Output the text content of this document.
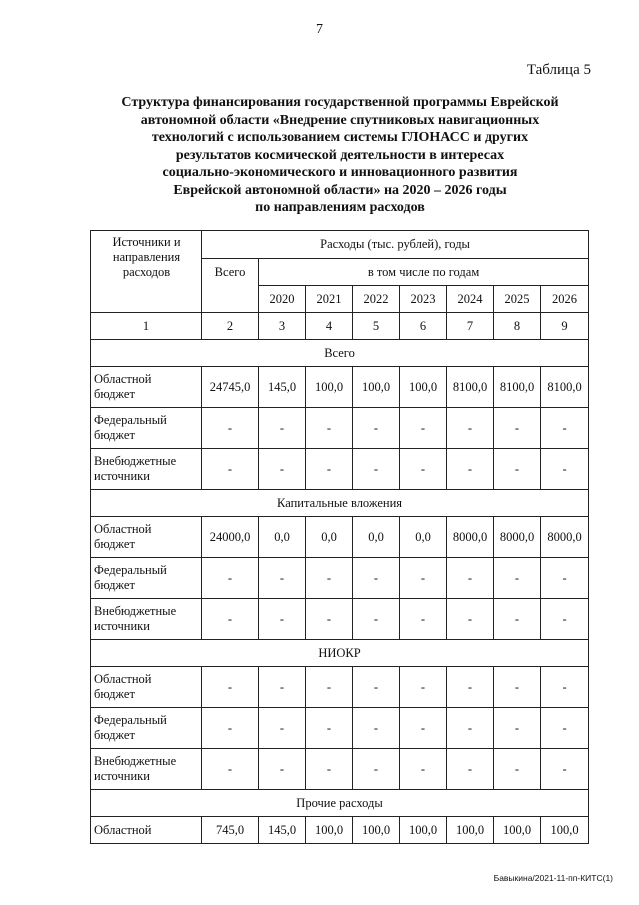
7
Таблица 5
Структура финансирования государственной программы Еврейской
автономной области «Внедрение спутниковых навигационных
технологий с использованием системы ГЛОНАСС и других
результатов космической деятельности в интересах
социально-экономического и инновационного развития
Еврейской автономной области» на 2020 – 2026 годы
по направлениям расходов
Источники и
направления
расходов	Расходы (тыс. рублей), годы							
	Всего	в том числе по годам						
		2020	2021	2022	2023	2024	2025	2026
1	2	3	4	5	6	7	8	9
Всего								

Областной
бюджет	24745,0	145,0	100,0	100,0	100,0	8100,0	8100,0	8100,0

Федеральный
бюджет	-	-	-	-	-	-	-	-

Внебюджетные
источники	-	-	-	-	-	-	-	-
Капитальные вложения								

Областной
бюджет	24000,0	0,0	0,0	0,0	0,0	8000,0	8000,0	8000,0

Федеральный
бюджет	-	-	-	-	-	-	-	-

Внебюджетные
источники	-	-	-	-	-	-	-	-
НИОКР								

Областной
бюджет	-	-	-	-	-	-	-	-

Федеральный
бюджет	-	-	-	-	-	-	-	-

Внебюджетные
источники	-	-	-	-	-	-	-	-
Прочие расходы								

Областной	745,0	145,0	100,0	100,0	100,0	100,0	100,0	100,0
Бавыкина/2021-11-пп-КИТС(1)
